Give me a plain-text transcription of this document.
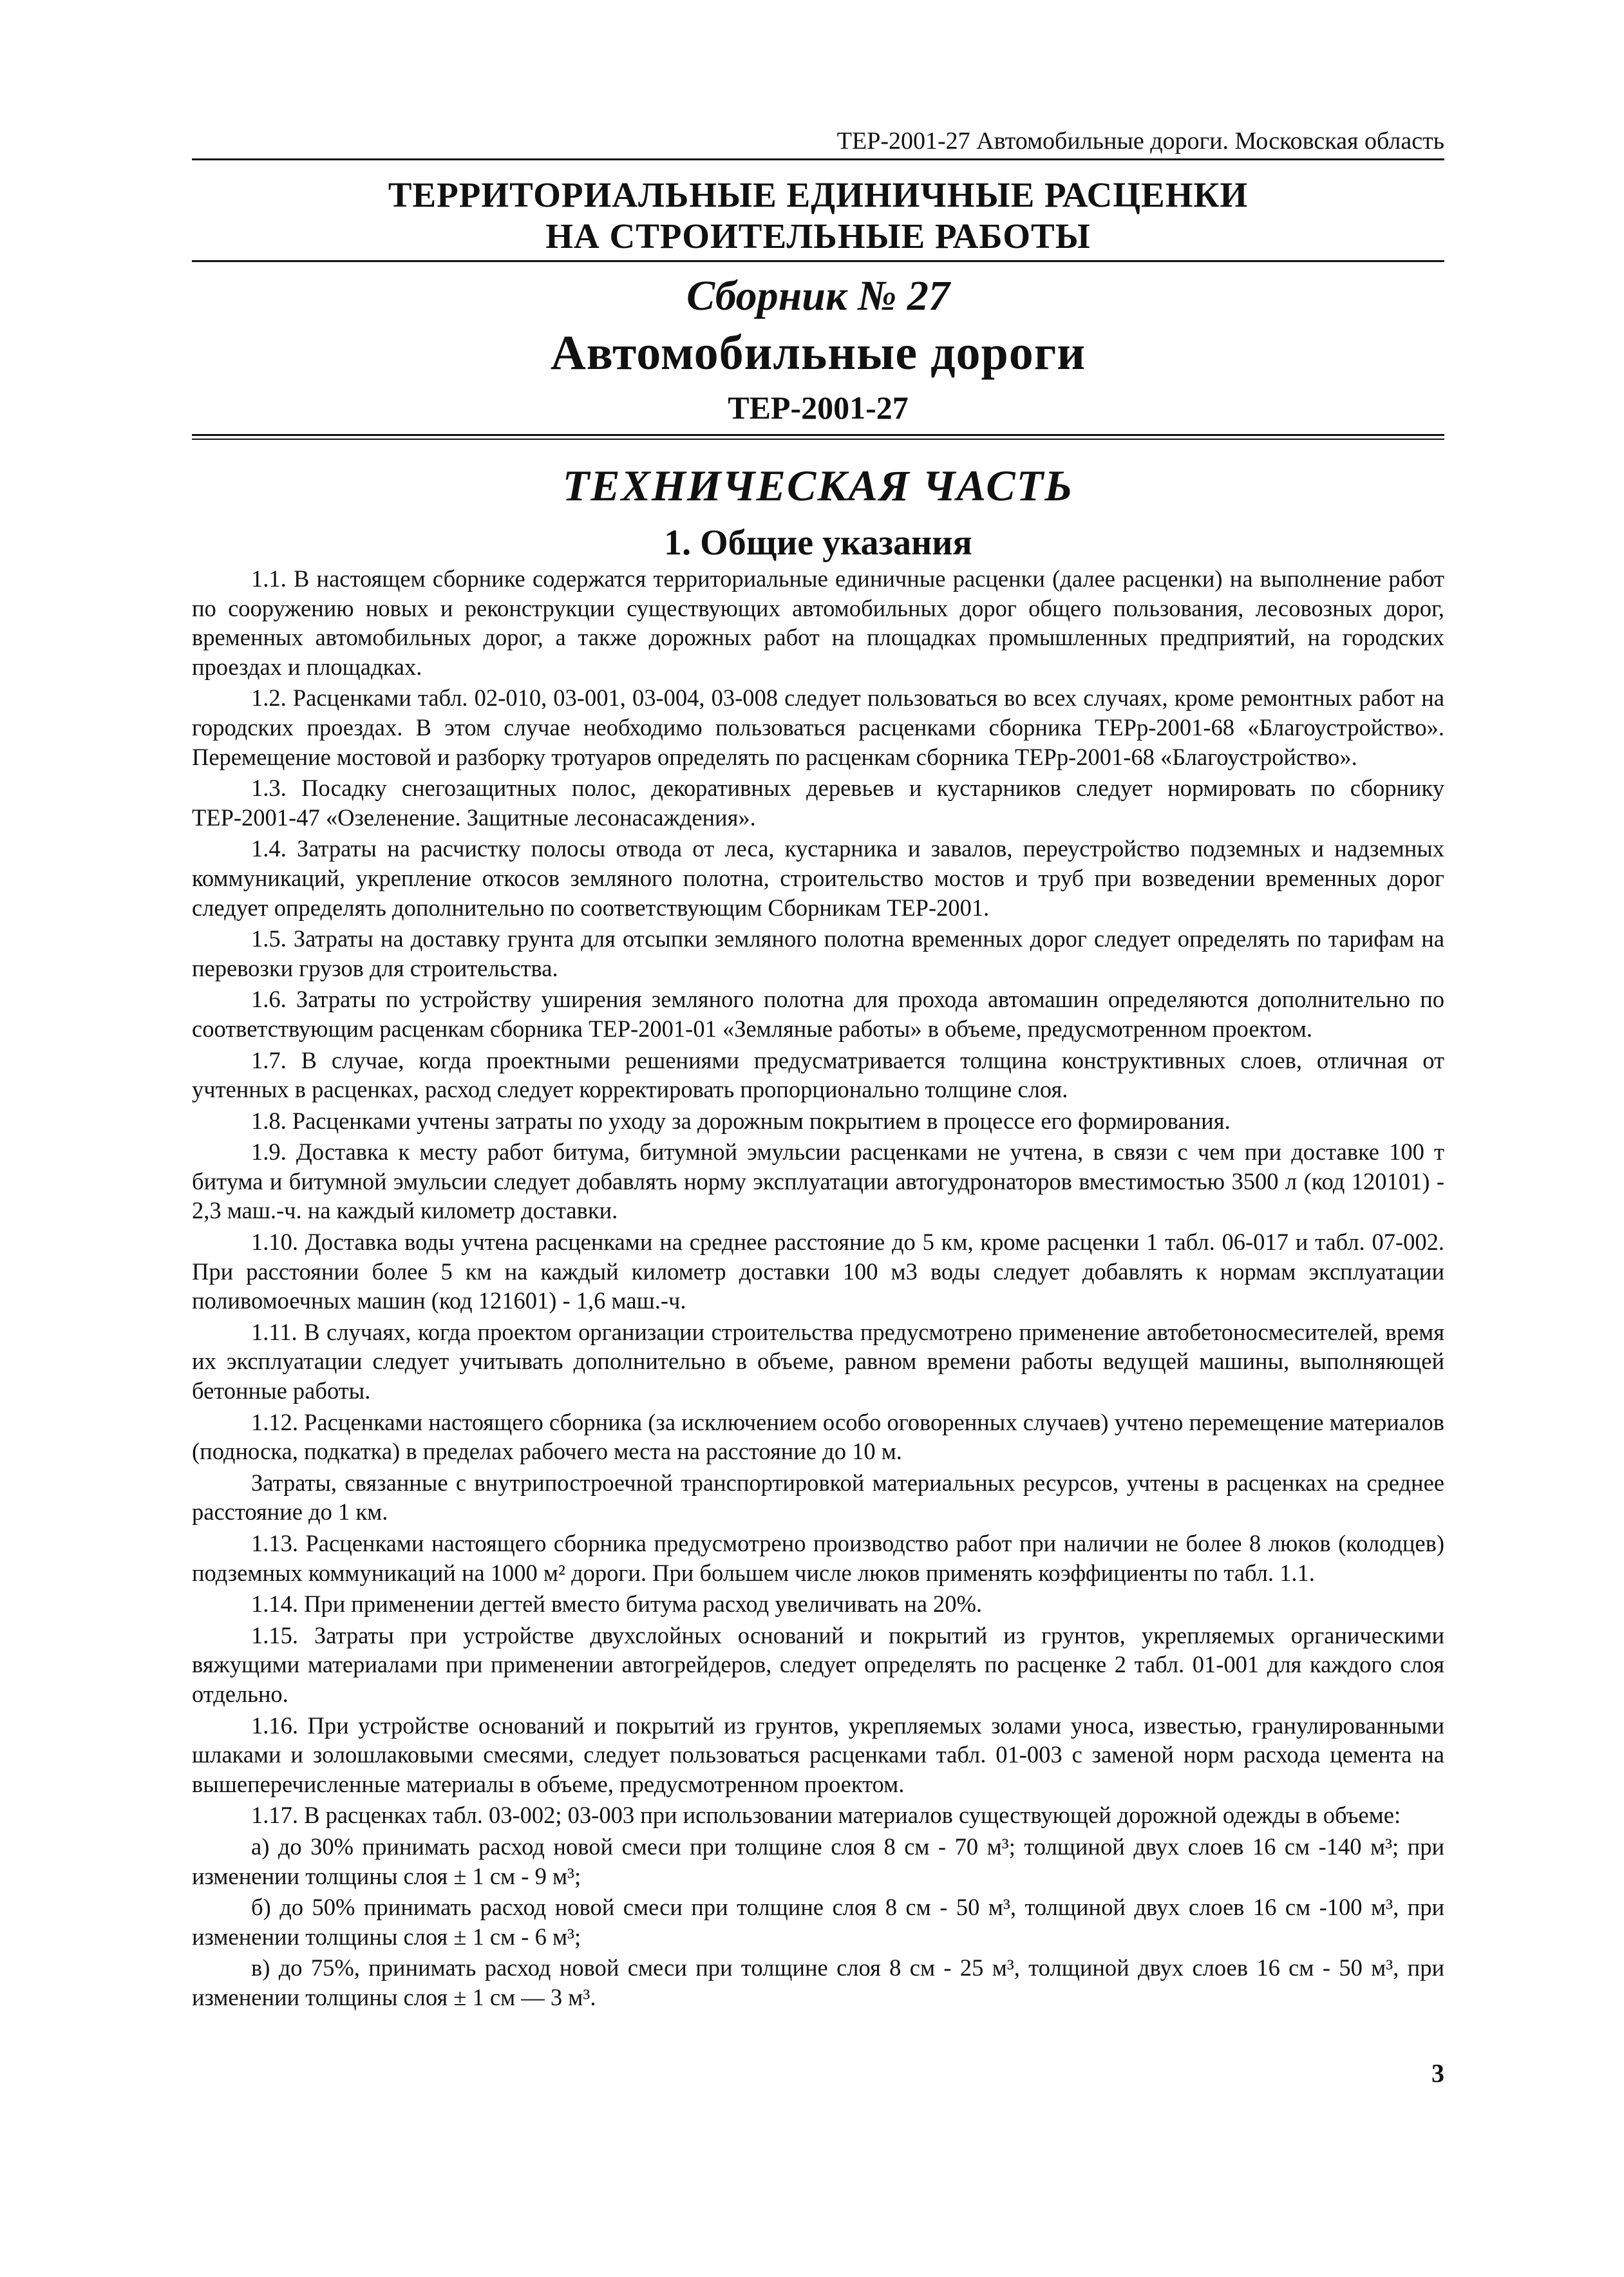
ТЕР-2001-27 Автомобильные дороги. Московская область
ТЕРРИТОРИАЛЬНЫЕ ЕДИНИЧНЫЕ РАСЦЕНКИ
НА СТРОИТЕЛЬНЫЕ РАБОТЫ
Сборник № 27
Автомобильные дороги
ТЕР-2001-27
ТЕХНИЧЕСКАЯ ЧАСТЬ
1. Общие указания

1.1. В настоящем сборнике содержатся территориальные единичные расценки (далее расценки) на выполнение работ по сооружению новых и реконструкции существующих автомобильных дорог общего пользования, лесовозных дорог, временных автомобильных дорог, а также дорожных работ на площадках промышленных предприятий, на городских проездах и площадках.

1.2. Расценками табл. 02-010, 03-001, 03-004, 03-008 следует пользоваться во всех случаях, кроме ремонтных работ на городских проездах. В этом случае необходимо пользоваться расценками сборника ТЕРр-2001-68 «Благоустройство». Перемещение мостовой и разборку тротуаров определять по расценкам сборника ТЕРр-2001-68 «Благоустройство».

1.3. Посадку снегозащитных полос, декоративных деревьев и кустарников следует нормировать по сборнику ТЕР-2001-47 «Озеленение. Защитные лесонасаждения».

1.4. Затраты на расчистку полосы отвода от леса, кустарника и завалов, переустройство подземных и надземных коммуникаций, укрепление откосов земляного полотна, строительство мостов и труб при возведении временных дорог следует определять дополнительно по соответствующим Сборникам ТЕР-2001.

1.5. Затраты на доставку грунта для отсыпки земляного полотна временных дорог следует определять по тарифам на перевозки грузов для строительства.

1.6. Затраты по устройству уширения земляного полотна для прохода автомашин определяются дополнительно по соответствующим расценкам сборника ТЕР-2001-01 «Земляные работы» в объеме, предусмотренном проектом.

1.7. В случае, когда проектными решениями предусматривается толщина конструктивных слоев, отличная от учтенных в расценках, расход следует корректировать пропорционально толщине слоя.

1.8. Расценками учтены затраты по уходу за дорожным покрытием в процессе его формирования.

1.9. Доставка к месту работ битума, битумной эмульсии расценками не учтена, в связи с чем при доставке 100 т битума и битумной эмульсии следует добавлять норму эксплуатации автогудронаторов вместимостью 3500 л (код 120101) - 2,3 маш.-ч. на каждый километр доставки.

1.10. Доставка воды учтена расценками на среднее расстояние до 5 км, кроме расценки 1 табл. 06-017 и табл. 07-002. При расстоянии более 5 км на каждый километр доставки 100 м3 воды следует добавлять к нормам эксплуатации поливомоечных машин (код 121601) - 1,6 маш.-ч.

1.11. В случаях, когда проектом организации строительства предусмотрено применение автобетоносмесителей, время их эксплуатации следует учитывать дополнительно в объеме, равном времени работы ведущей машины, выполняющей бетонные работы.

1.12. Расценками настоящего сборника (за исключением особо оговоренных случаев) учтено перемещение материалов (подноска, подкатка) в пределах рабочего места на расстояние до 10 м.

Затраты, связанные с внутрипостроечной транспортировкой материальных ресурсов, учтены в расценках на среднее расстояние до 1 км.

1.13. Расценками настоящего сборника предусмотрено производство работ при наличии не более 8 люков (колодцев) подземных коммуникаций на 1000 м² дороги. При большем числе люков применять коэффициенты по табл. 1.1.

1.14. При применении дегтей вместо битума расход увеличивать на 20%.

1.15. Затраты при устройстве двухслойных оснований и покрытий из грунтов, укрепляемых органическими вяжущими материалами при применении автогрейдеров, следует определять по расценке 2 табл. 01-001 для каждого слоя отдельно.

1.16. При устройстве оснований и покрытий из грунтов, укрепляемых золами уноса, известью, гранулированными шлаками и золошлаковыми смесями, следует пользоваться расценками табл. 01-003 с заменой норм расхода цемента на вышеперечисленные материалы в объеме, предусмотренном проектом.

1.17. В расценках табл. 03-002; 03-003 при использовании материалов существующей дорожной одежды в объеме:

а) до 30% принимать расход новой смеси при толщине слоя 8 см - 70 м³; толщиной двух слоев 16 см -140 м³; при изменении толщины слоя ± 1 см - 9 м³;

б) до 50% принимать расход новой смеси при толщине слоя 8 см - 50 м³, толщиной двух слоев 16 см -100 м³, при изменении толщины слоя ± 1 см - 6 м³;

в) до 75%, принимать расход новой смеси при толщине слоя 8 см - 25 м³, толщиной двух слоев 16 см - 50 м³, при изменении толщины слоя ± 1 см — 3 м³.

3
